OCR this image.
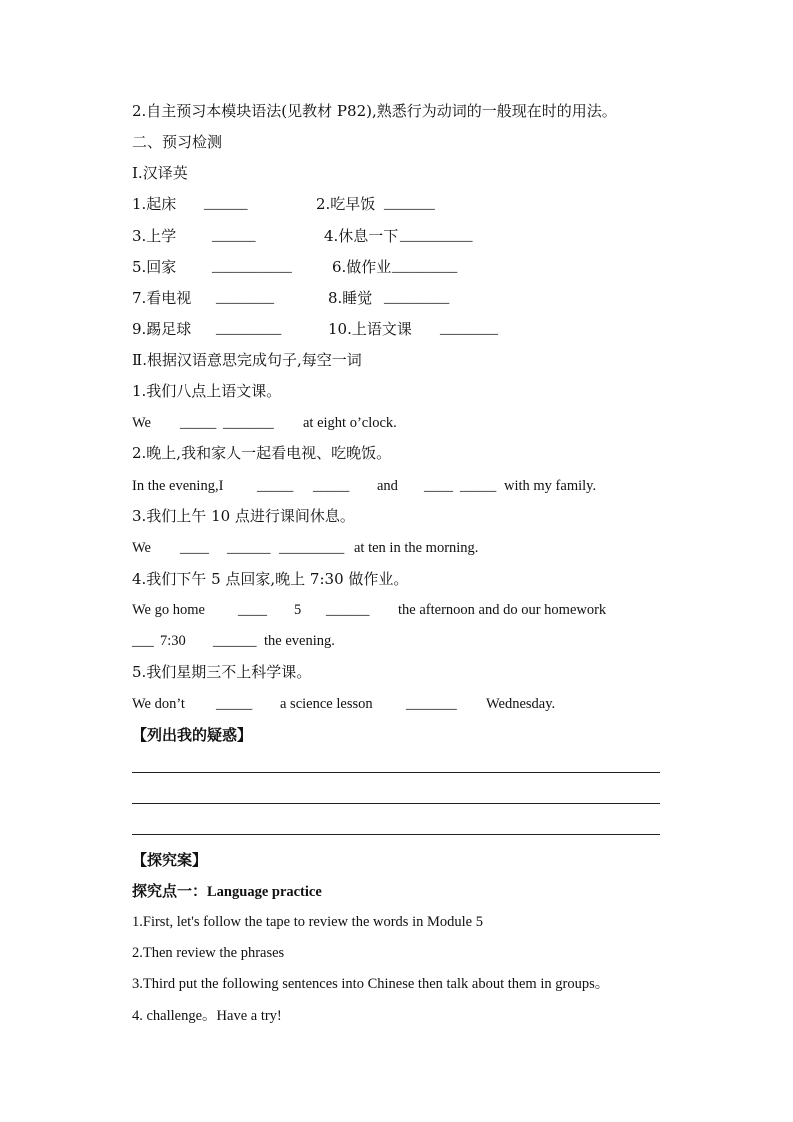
2.自主预习本模块语法(见教材 P82),熟悉行为动词的一般现在时的用法。
二、预习检测
Ⅰ.汉译英
1.起床 ______	2.吃早饭 _______
3.上学 ______	4.休息一下 __________
5.回家 ___________	6.做作业 _________
7.看电视 ________	8.睡觉 _________
9.踢足球 _________	10.上语文课 ________
Ⅱ.根据汉语意思完成句子,每空一词
1.我们八点上语文课。
We _____ _______ at eight o’clock.
2.晚上,我和家人一起看电视、吃晚饭。
In the evening,I _____ _____ and ____ _____ with my family.
3.我们上午 10 点进行课间休息。
We ____ ______ _________ at ten in the morning.
4.我们下午 5 点回家,晚上 7:30 做作业。
We go home ____ 5 ______ the afternoon and do our homework
___ 7:30 ______ the evening.
5.我们星期三不上科学课。
We don’t _____ a science lesson _______ Wednesday.
【列出我的疑惑】
【探究案】
探究点一：Language practice
1.First, let's follow the tape to review the words in Module 5
2.Then review the phrases
3.Third put the following sentences into Chinese then talk about them in groups。
4. challenge。Have a try!
